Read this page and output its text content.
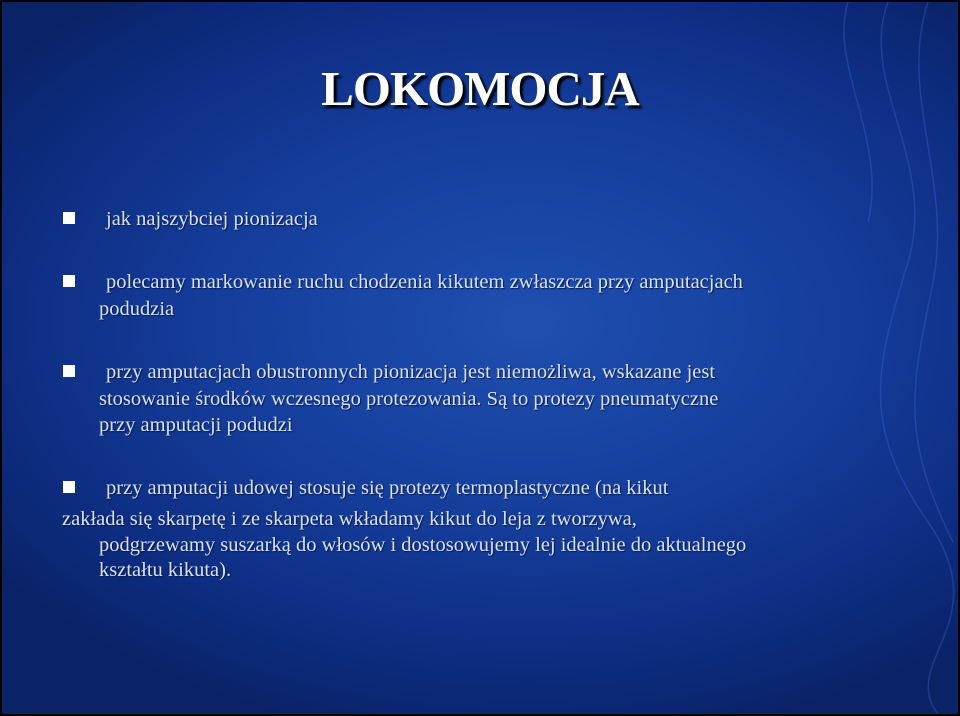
LOKOMOCJA
jak najszybciej pionizacja
polecamy markowanie ruchu chodzenia kikutem zwłaszcza przy amputacjach
podudzia
przy amputacjach obustronnych pionizacja jest niemożliwa, wskazane jest
stosowanie środków wczesnego protezowania. Są to protezy pneumatyczne
przy amputacji podudzi
przy amputacji udowej stosuje się protezy termoplastyczne (na kikut
zakłada się skarpetę i ze skarpeta wkładamy kikut do leja z tworzywa,
podgrzewamy suszarką do włosów i dostosowujemy lej idealnie do aktualnego
kształtu kikuta).
